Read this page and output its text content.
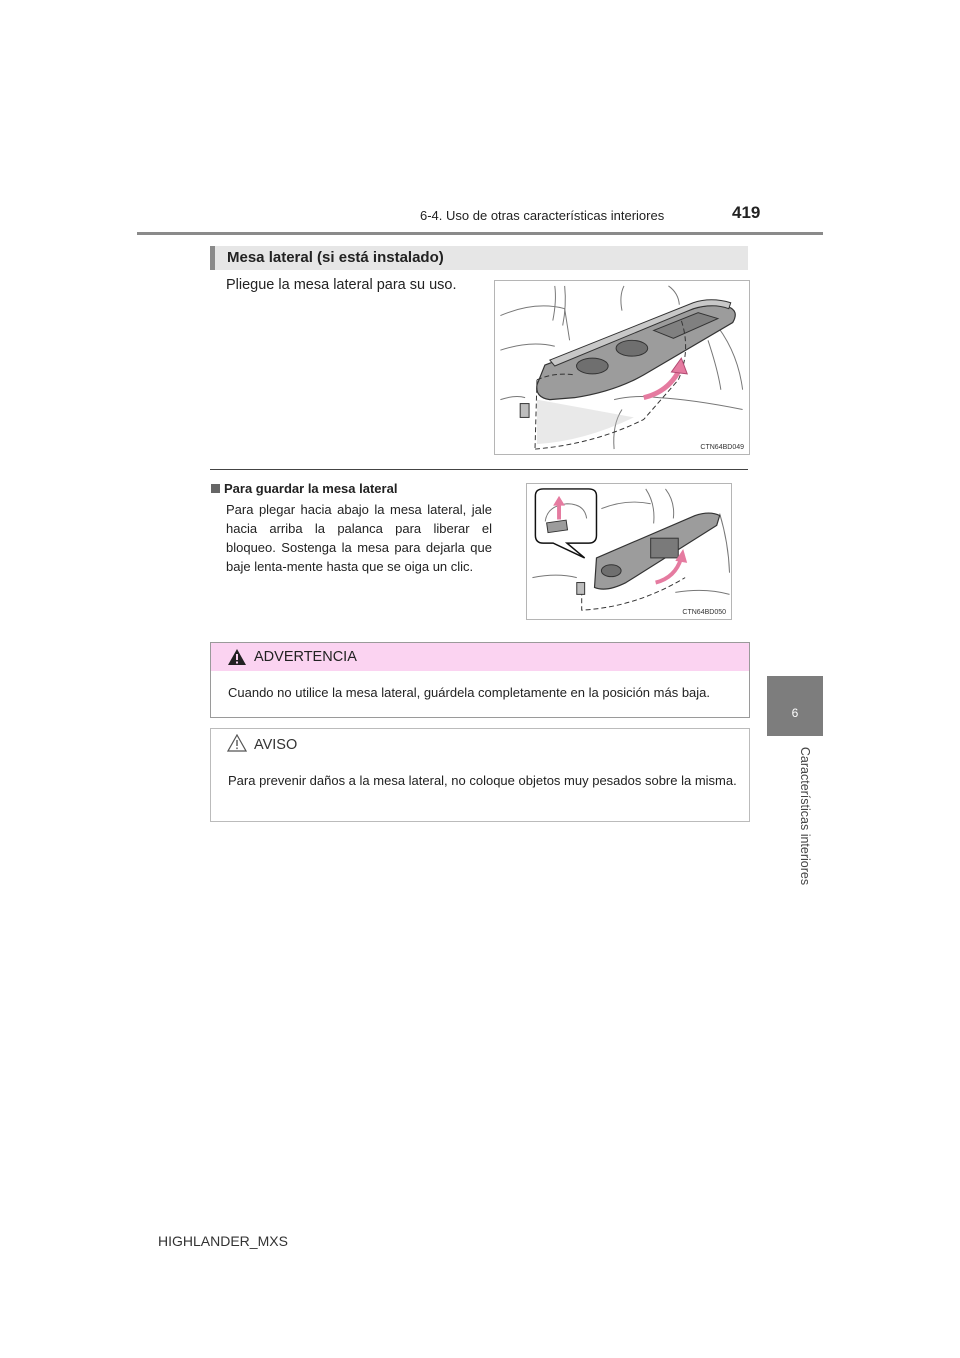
6-4. Uso de otras características interiores	419
6
Características interiores
Mesa lateral (si está instalado)
Pliegue la mesa lateral para su uso.
CTN64BD049
Para guardar la mesa lateral
Para plegar hacia abajo la mesa lateral, jale hacia arriba la palanca para liberar el bloqueo. Sostenga la mesa para dejarla que baje lenta-mente hasta que se oiga un clic.
CTN64BD050
ADVERTENCIA
Cuando no utilice la mesa lateral, guárdela completamente en la posición más baja.
AVISO
Para prevenir daños a la mesa lateral, no coloque objetos muy pesados sobre la misma.
HIGHLANDER_MXS
